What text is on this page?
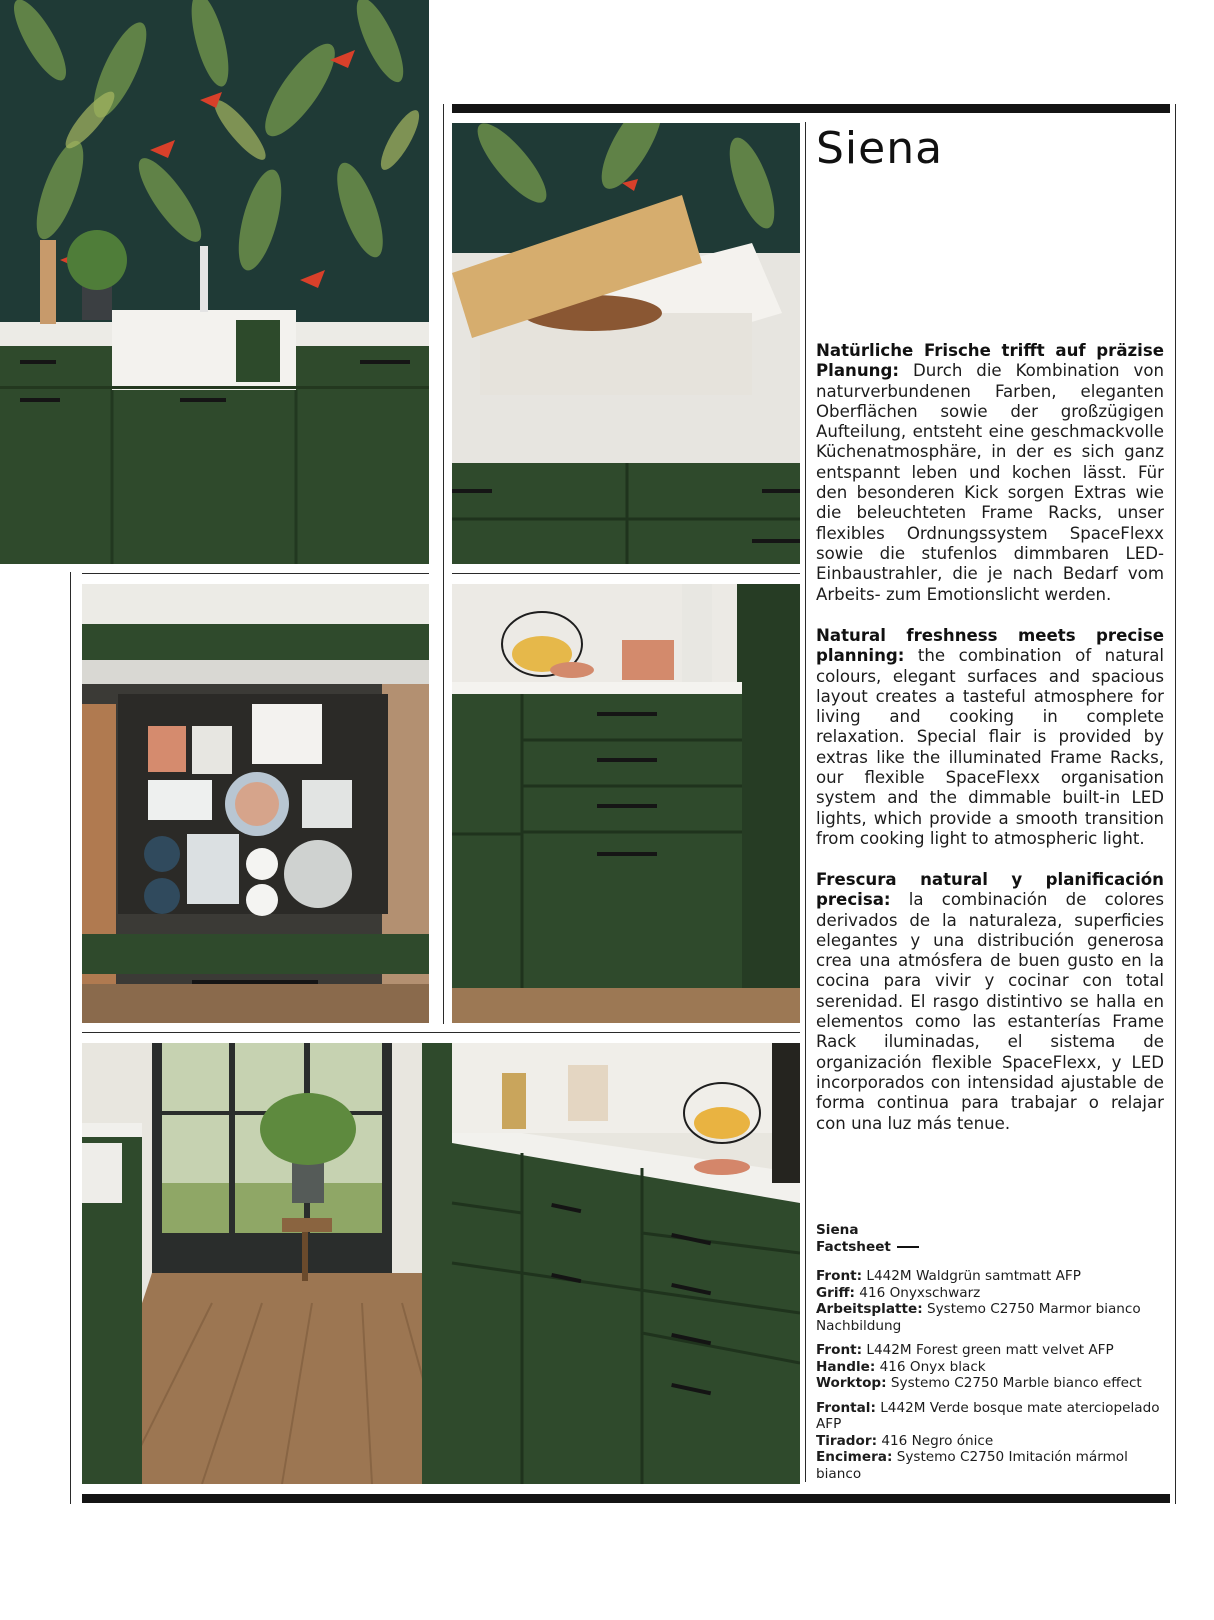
Siena
Natürliche Frische trifft auf präzise Planung: Durch die Kombination von naturverbundenen Farben, eleganten Oberflächen sowie der großzügigen Aufteilung, entsteht eine geschmackvolle Küchenatmosphäre, in der es sich ganz entspannt leben und kochen lässt. Für den besonderen Kick sorgen Extras wie die beleuchteten Frame Racks, unser flexibles Ordnungssystem SpaceFlexx sowie die stufenlos dimmbaren LED-Einbaustrahler, die je nach Bedarf vom Arbeits- zum Emotionslicht werden.
Natural freshness meets precise planning: the combination of natural colours, elegant surfaces and spacious layout creates a tasteful atmosphere for living and cooking in complete relaxation. Special flair is provided by extras like the illuminated Frame Racks, our flexible SpaceFlexx organisation system and the dimmable built-in LED lights, which provide a smooth transition from cooking light to atmospheric light.
Frescura natural y planificación precisa: la combinación de colores derivados de la naturaleza, superficies elegantes y una distribución generosa crea una atmósfera de buen gusto en la cocina para vivir y cocinar con total serenidad. El rasgo distintivo se halla en elementos como las estanterías Frame Rack iluminadas, el sistema de organización flexible SpaceFlexx, y LED incorporados con intensidad ajustable de forma continua para trabajar o relajar con una luz más tenue.
Siena
Factsheet
Front: L442M Waldgrün samtmatt AFP
Griff: 416 Onyxschwarz
Arbeitsplatte: Systemo C2750 Marmor bianco Nachbildung
Front: L442M Forest green matt velvet AFP
Handle: 416 Onyx black
Worktop: Systemo C2750 Marble bianco effect
Frontal: L442M Verde bosque mate aterciopelado AFP
Tirador: 416 Negro ónice
Encimera: Systemo C2750 Imitación mármol bianco
